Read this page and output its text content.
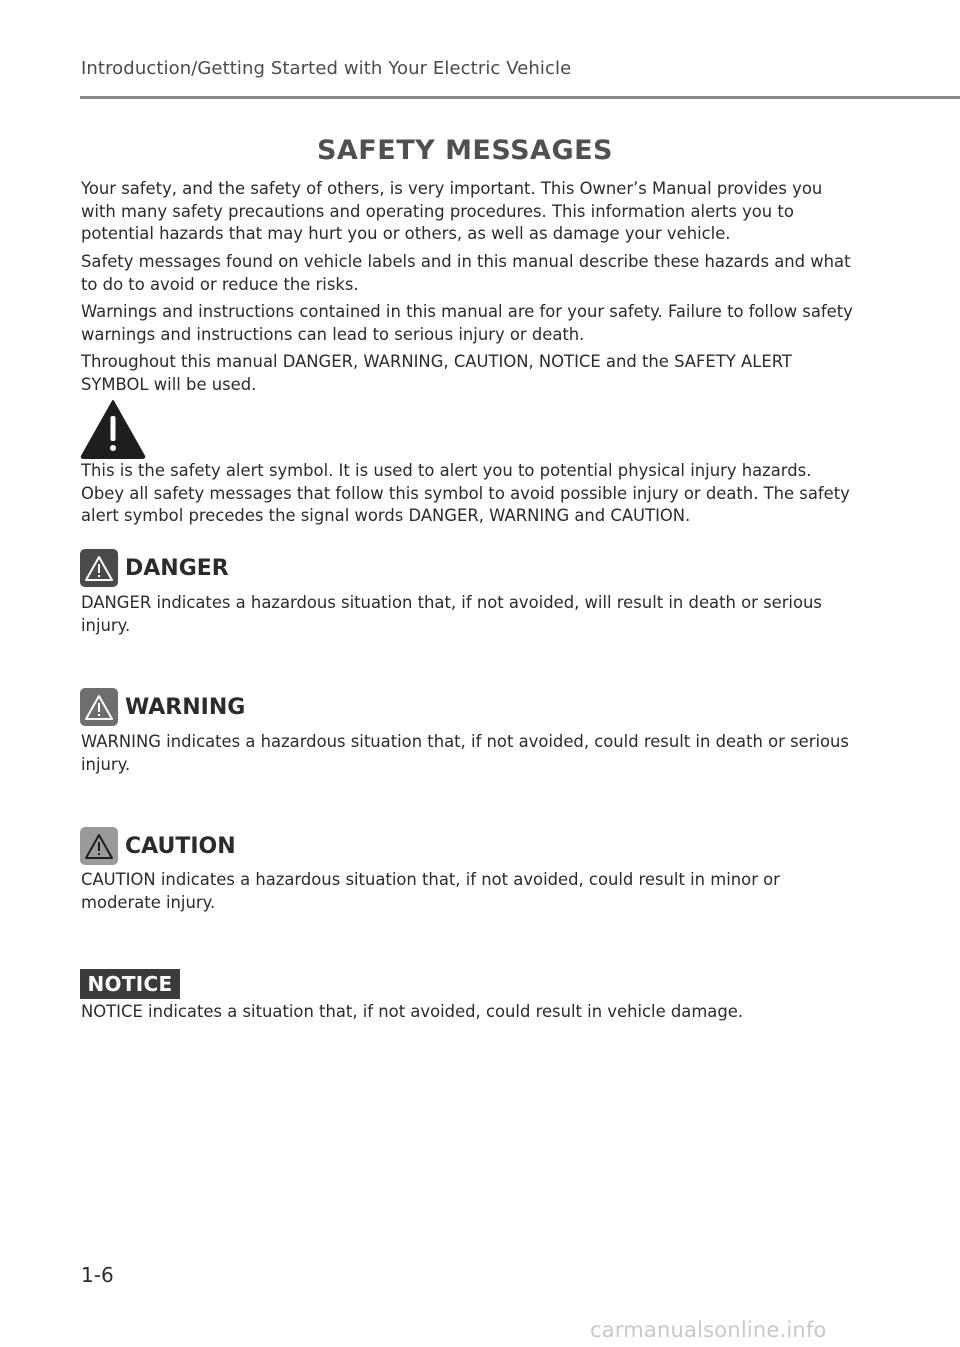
Introduction/Getting Started with Your Electric Vehicle
SAFETY MESSAGES
Your safety, and the safety of others, is very important. This Owner’s Manual provides you with many safety precautions and operating procedures. This information alerts you to potential hazards that may hurt you or others, as well as damage your vehicle.
Safety messages found on vehicle labels and in this manual describe these hazards and what to do to avoid or reduce the risks.
Warnings and instructions contained in this manual are for your safety. Failure to follow safety warnings and instructions can lead to serious injury or death.
Throughout this manual DANGER, WARNING, CAUTION, NOTICE and the SAFETY ALERT SYMBOL will be used.
This is the safety alert symbol. It is used to alert you to potential physical injury hazards. Obey all safety messages that follow this symbol to avoid possible injury or death. The safety alert symbol precedes the signal words DANGER, WARNING and CAUTION.
DANGER
DANGER indicates a hazardous situation that, if not avoided, will result in death or serious injury.
WARNING
WARNING indicates a hazardous situation that, if not avoided, could result in death or serious injury.
CAUTION
CAUTION indicates a hazardous situation that, if not avoided, could result in minor or moderate injury.
NOTICE
NOTICE indicates a situation that, if not avoided, could result in vehicle damage.
1-6
carmanualsonline.info
